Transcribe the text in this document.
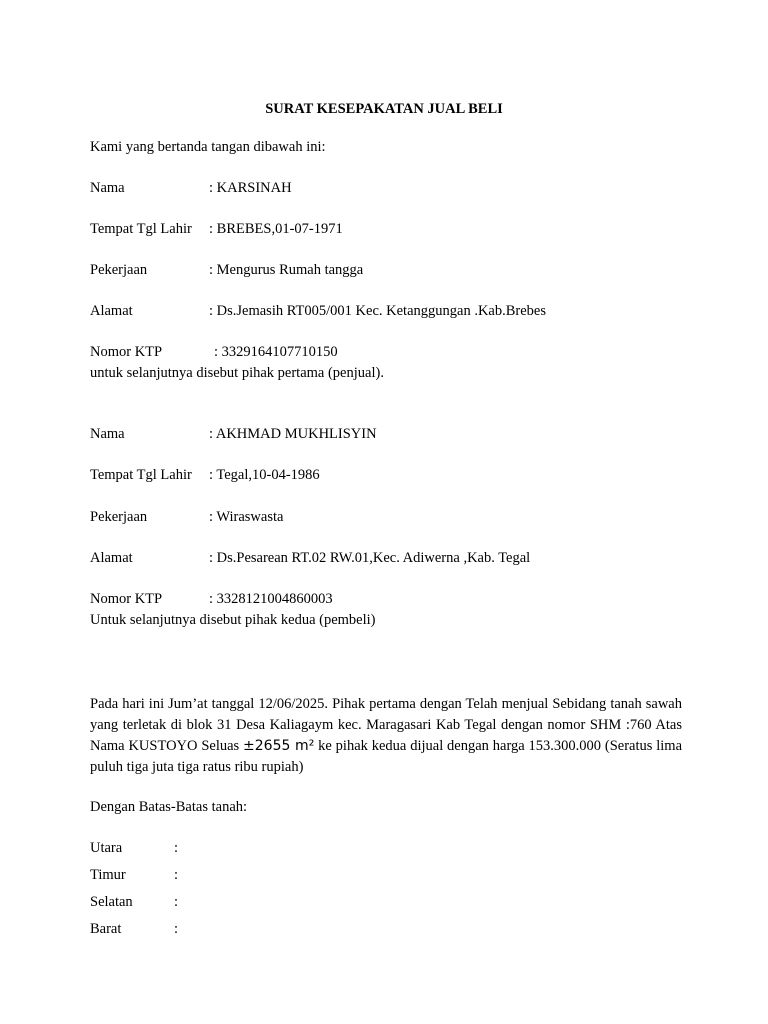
SURAT KESEPAKATAN JUAL BELI
Kami yang bertanda tangan dibawah ini:
Nama	: KARSINAH
Tempat Tgl Lahir : BREBES,01-07-1971
Pekerjaan	: Mengurus Rumah tangga
Alamat	: Ds.Jemasih RT005/001 Kec. Ketanggungan .Kab.Brebes
Nomor KTP	: 3329164107710150
untuk selanjutnya disebut pihak pertama (penjual).
Nama	: AKHMAD MUKHLISYIN
Tempat Tgl Lahir : Tegal,10-04-1986
Pekerjaan	: Wiraswasta
Alamat	: Ds.Pesarean RT.02 RW.01,Kec. Adiwerna ,Kab. Tegal
Nomor KTP	: 3328121004860003
Untuk selanjutnya disebut pihak kedua (pembeli)
Pada hari ini Jum’at tanggal 12/06/2025. Pihak pertama dengan Telah menjual Sebidang tanah sawah yang terletak di blok 31 Desa Kaliagaym kec. Maragasari Kab Tegal dengan nomor SHM :760 Atas Nama KUSTOYO Seluas ±2655 m² ke pihak kedua dijual dengan harga 153.300.000 (Seratus lima puluh tiga juta tiga ratus ribu rupiah)
Dengan Batas-Batas tanah:
Utara	:
Timur	:
Selatan	:
Barat	:
